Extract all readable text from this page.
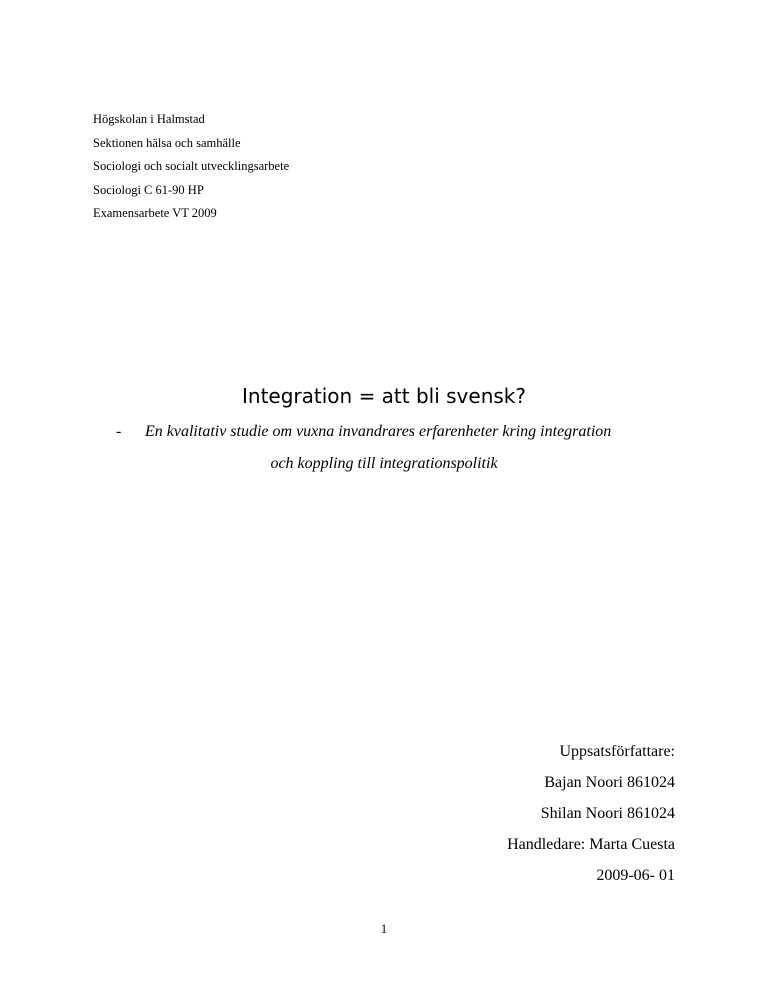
Högskolan i Halmstad
Sektionen hälsa och samhälle
Sociologi och socialt utvecklingsarbete
Sociologi C 61-90 HP
Examensarbete VT 2009
Integration = att bli svensk?
- En kvalitativ studie om vuxna invandrares erfarenheter kring integration
och koppling till integrationspolitik
Uppsatsförfattare:
Bajan Noori 861024
Shilan Noori 861024
Handledare: Marta Cuesta
2009-06- 01
1
